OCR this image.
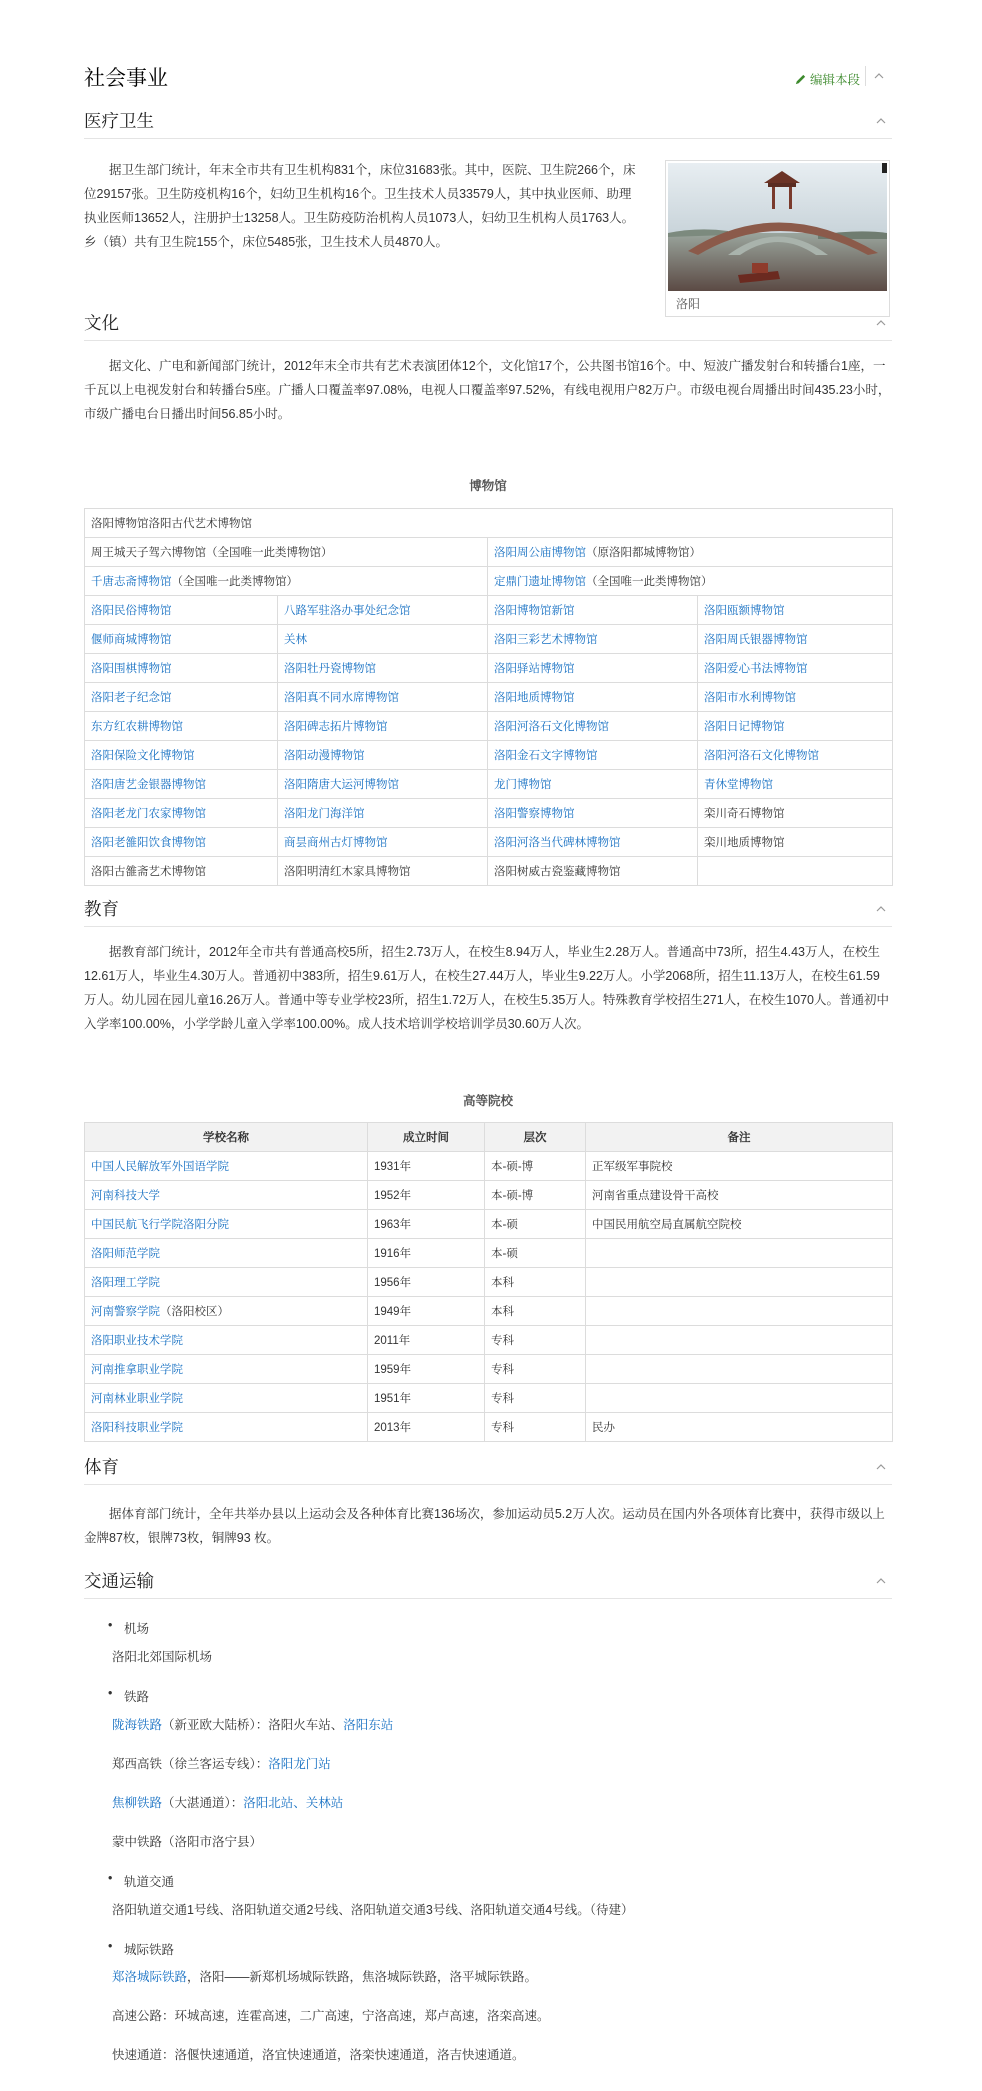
社会事业	编辑本段
医疗卫生

据卫生部门统计，年末全市共有卫生机构831个，床位31683张。其中，医院、卫生院266个，床位29157张。卫生防疫机构16个，妇幼卫生机构16个。卫生技术人员33579人，其中执业医师、助理执业医师13652人，注册护士13258人。卫生防疫防治机构人员1073人，妇幼卫生机构人员1763人。乡（镇）共有卫生院155个，床位5485张，卫生技术人员4870人。

洛阳
文化

据文化、广电和新闻部门统计，2012年末全市共有艺术表演团体12个，文化馆17个，公共图书馆16个。中、短波广播发射台和转播台1座，一千瓦以上电视发射台和转播台5座。广播人口覆盖率97.08%，电视人口覆盖率97.52%，有线电视用户82万户。市级电视台周播出时间435.23小时，市级广播电台日播出时间56.85小时。

博物馆
洛阳博物馆洛阳古代艺术博物馆			
周王城天子驾六博物馆（全国唯一此类博物馆）		洛阳周公庙博物馆（原洛阳都城博物馆）	
千唐志斋博物馆（全国唯一此类博物馆）		定鼎门遗址博物馆（全国唯一此类博物馆）	
洛阳民俗博物馆	八路军驻洛办事处纪念馆	洛阳博物馆新馆	洛阳瓯额博物馆
偃师商城博物馆	关林	洛阳三彩艺术博物馆	洛阳周氏银器博物馆
洛阳围棋博物馆	洛阳牡丹瓷博物馆	洛阳驿站博物馆	洛阳爱心书法博物馆
洛阳老子纪念馆	洛阳真不同水席博物馆	洛阳地质博物馆	洛阳市水利博物馆
东方红农耕博物馆	洛阳碑志拓片博物馆	洛阳河洛石文化博物馆	洛阳日记博物馆
洛阳保险文化博物馆	洛阳动漫博物馆	洛阳金石文字博物馆	洛阳河洛石文化博物馆
洛阳唐艺金银器博物馆	洛阳隋唐大运河博物馆	龙门博物馆	青休堂博物馆
洛阳老龙门农家博物馆	洛阳龙门海洋馆	洛阳警察博物馆	栾川奇石博物馆
洛阳老雒阳饮食博物馆	商昙商州古灯博物馆	洛阳河洛当代碑林博物馆	栾川地质博物馆
洛阳古雒斋艺术博物馆	洛阳明清红木家具博物馆	洛阳树威古瓷鉴藏博物馆	
教育

据教育部门统计，2012年全市共有普通高校5所，招生2.73万人，在校生8.94万人，毕业生2.28万人。普通高中73所，招生4.43万人，在校生12.61万人，毕业生4.30万人。普通初中383所，招生9.61万人，在校生27.44万人，毕业生9.22万人。小学2068所，招生11.13万人，在校生61.59万人。幼儿园在园儿童16.26万人。普通中等专业学校23所，招生1.72万人，在校生5.35万人。特殊教育学校招生271人，在校生1070人。普通初中入学率100.00%，小学学龄儿童入学率100.00%。成人技术培训学校培训学员30.60万人次。

高等院校
学校名称	成立时间	层次	备注
中国人民解放军外国语学院	1931年	本-硕-博	正军级军事院校
河南科技大学	1952年	本-硕-博	河南省重点建设骨干高校
中国民航飞行学院洛阳分院	1963年	本-硕	中国民用航空局直属航空院校
洛阳师范学院	1916年	本-硕	
洛阳理工学院	1956年	本科	
河南警察学院（洛阳校区）	1949年	本科	
洛阳职业技术学院	2011年	专科	
河南推拿职业学院	1959年	专科	
河南林业职业学院	1951年	专科	
洛阳科技职业学院	2013年	专科	民办
体育

据体育部门统计，全年共举办县以上运动会及各种体育比赛136场次，参加运动员5.2万人次。运动员在国内外各项体育比赛中，获得市级以上金牌87枚，银牌73枚，铜牌93 枚。

交通运输
• 机场
洛阳北郊国际机场
• 铁路
陇海铁路（新亚欧大陆桥）：洛阳火车站、洛阳东站
郑西高铁（徐兰客运专线）：洛阳龙门站
焦柳铁路（大湛通道）：洛阳北站、关林站
蒙中铁路（洛阳市洛宁县）
• 轨道交通
洛阳轨道交通1号线、洛阳轨道交通2号线、洛阳轨道交通3号线、洛阳轨道交通4号线。（待建）
• 城际铁路
郑洛城际铁路，洛阳——新郑机场城际铁路，焦洛城际铁路，洛平城际铁路。
高速公路：环城高速，连霍高速，二广高速，宁洛高速，郑卢高速，洛栾高速。
快速通道：洛偃快速通道，洛宜快速通道，洛栾快速通道，洛吉快速通道。
